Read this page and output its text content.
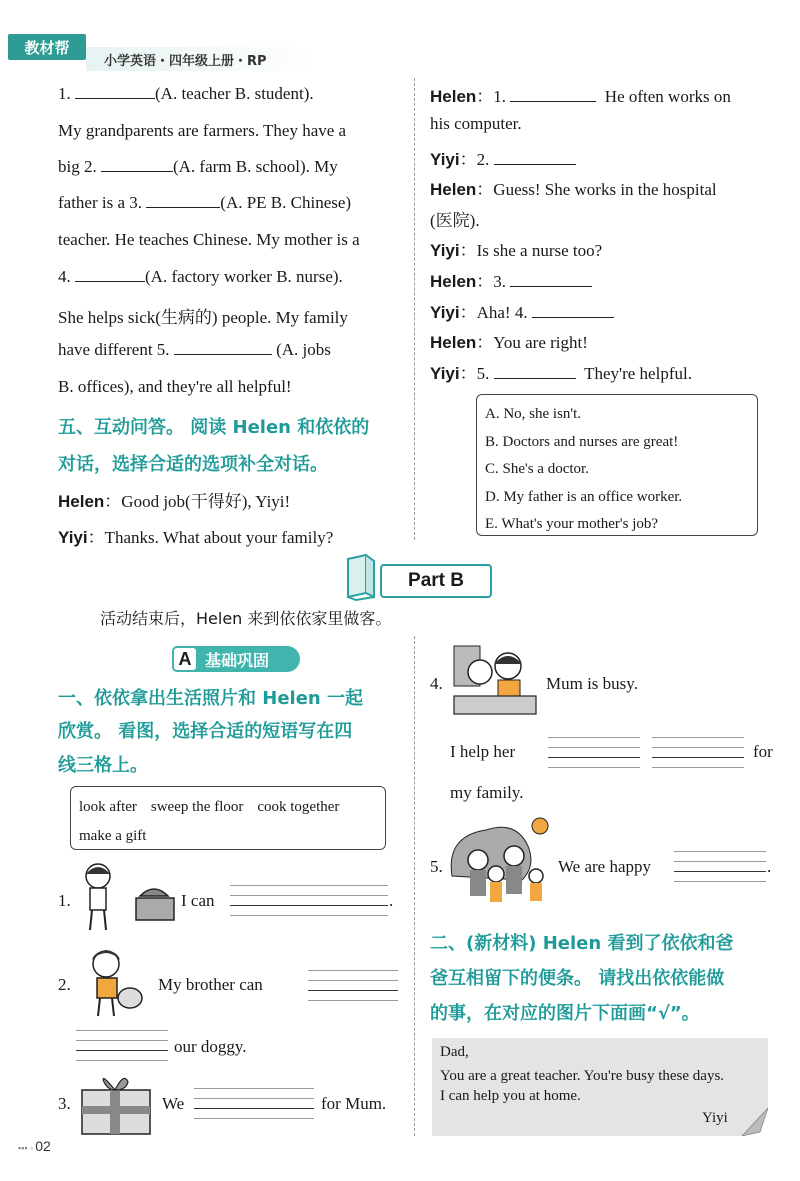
教材帮
小学英语・四年级上册・RP
1.	(A. teacher B. student).
My grandparents are farmers. They have a
big 2.	(A. farm B. school). My
father is a 3.	(A. PE B. Chinese)
teacher. He teaches Chinese. My mother is a
4.	(A. factory worker B. nurse).
She helps sick(生病的) people. My family
have different 5.	(A. jobs
B. offices), and they're all helpful!
五、互动问答。 阅读 Helen 和依依的
对话，选择合适的选项补全对话。
Helen：Good job(干得好), Yiyi!
Yiyi：Thanks. What about your family?
Helen：1.	He often works on
his computer.
Yiyi：2.
Helen：Guess! She works in the hospital
(医院).
Yiyi：Is she a nurse too?
Helen：3.
Yiyi：Aha! 4.
Helen：You are right!
Yiyi：5.	They're helpful.
A. No, she isn't.
B. Doctors and nurses are great!
C. She's a doctor.
D. My father is an office worker.
E. What's your mother's job?
Part B
活动结束后，Helen 来到依依家里做客。
A 基础巩固
一、依依拿出生活照片和 Helen 一起
欣赏。 看图，选择合适的短语写在四
线三格上。
look after sweep the floor cook together
make a gift
1.	I can	.
2.	My brother can
our doggy.
3.	We	for Mum.
4.	Mum is busy.
I help her	for
my family.
5.	We are happy	.
二、(新材料) Helen 看到了依依和爸
爸互相留下的便条。 请找出依依能做
的事，在对应的图片下面画“√”。
Dad,
You are a great teacher. You're busy these days.
I can help you at home.
Yiyi
▪▪▪ ◦ 02
